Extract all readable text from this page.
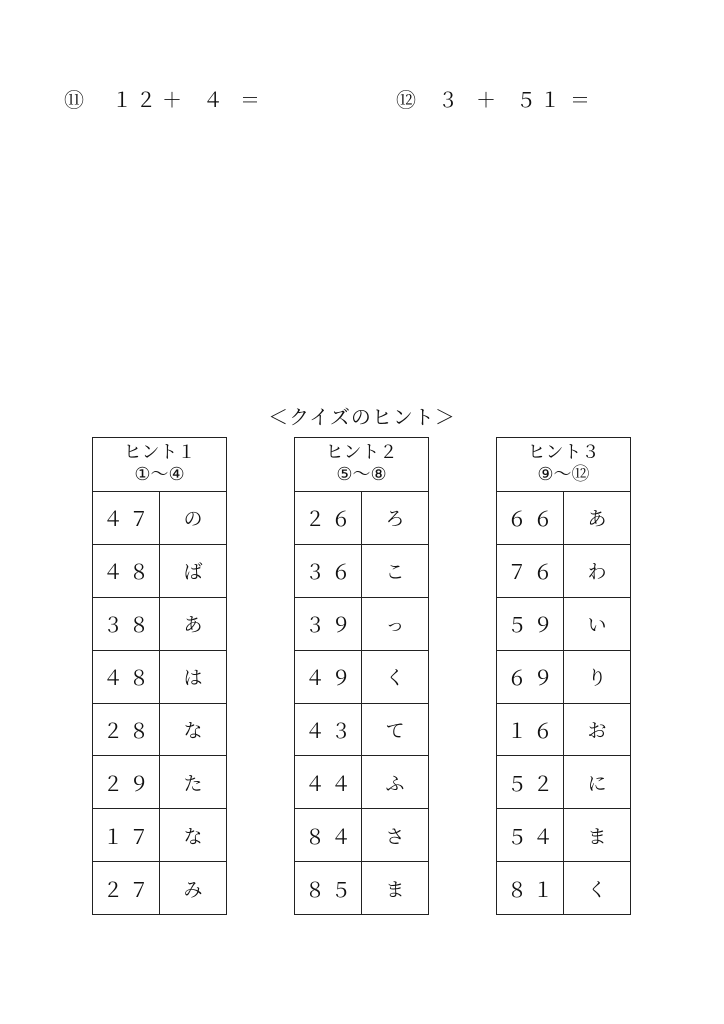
⑪ １２ ＋ ４ ＝	⑫ ３ ＋ ５１ ＝
＜クイズのヒント＞
ヒント１
①～④
４７	の
４８	ば
３８	あ
４８	は
２８	な
２９	た
１７	な
２７	み
ヒント２
⑤～⑧
２６	ろ
３６	こ
３９	っ
４９	く
４３	て
４４	ふ
８４	さ
８５	ま
ヒント３
⑨～⑫
６６	あ
７６	わ
５９	い
６９	り
１６	お
５２	に
５４	ま
８１	く
